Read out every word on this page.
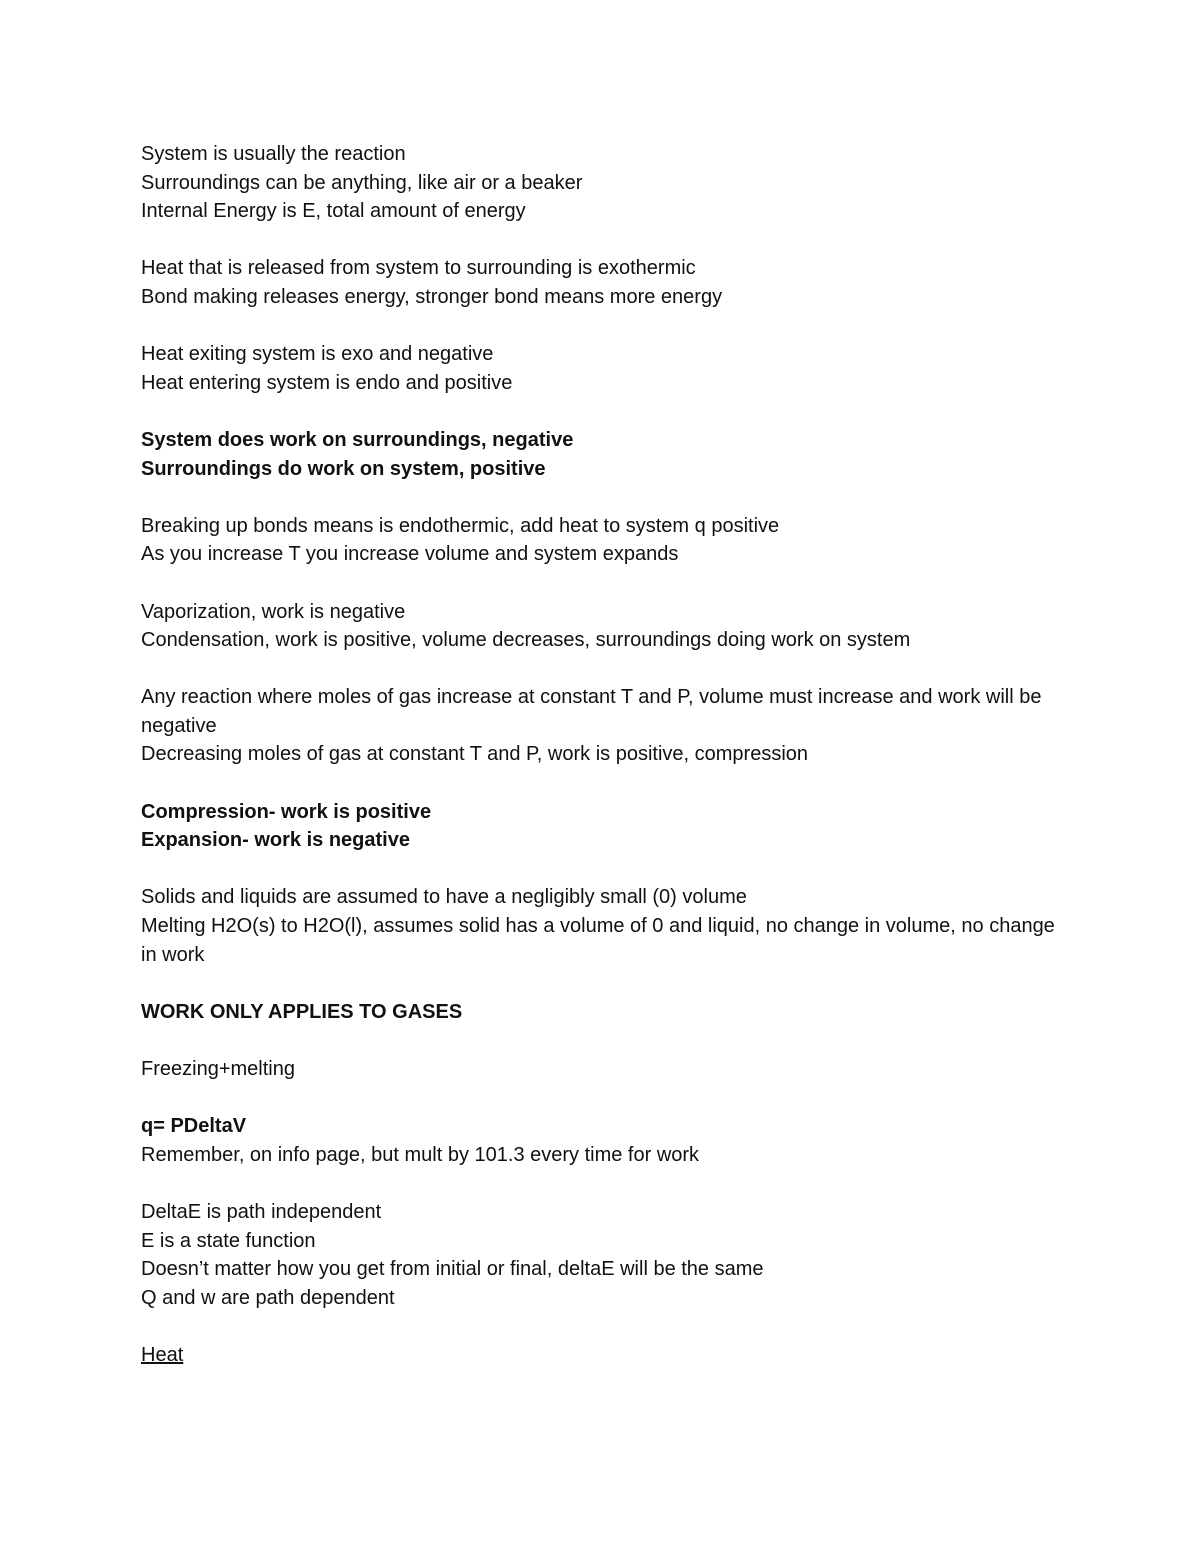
System is usually the reaction
Surroundings can be anything, like air or a beaker
Internal Energy is E, total amount of energy
Heat that is released from system to surrounding is exothermic
Bond making releases energy, stronger bond means more energy
Heat exiting system is exo and negative
Heat entering system is endo and positive
System does work on surroundings, negative
Surroundings do work on system, positive
Breaking up bonds means is endothermic, add heat to system q positive
As you increase T you increase volume and system expands
Vaporization, work is negative
Condensation, work is positive, volume decreases, surroundings doing work on system
Any reaction where moles of gas increase at constant T and P, volume must increase and work will be negative
Decreasing moles of gas at constant T and P, work is positive, compression
Compression- work is positive
Expansion- work is negative
Solids and liquids are assumed to have a negligibly small (0) volume
Melting H2O(s) to H2O(l), assumes solid has a volume of 0 and liquid, no change in volume, no change in work
WORK ONLY APPLIES TO GASES
Freezing+melting
q= PDeltaV
Remember, on info page, but mult by 101.3 every time for work
DeltaE is path independent
E is a state function
Doesn’t matter how you get from initial or final, deltaE will be the same
Q and w are path dependent
Heat
